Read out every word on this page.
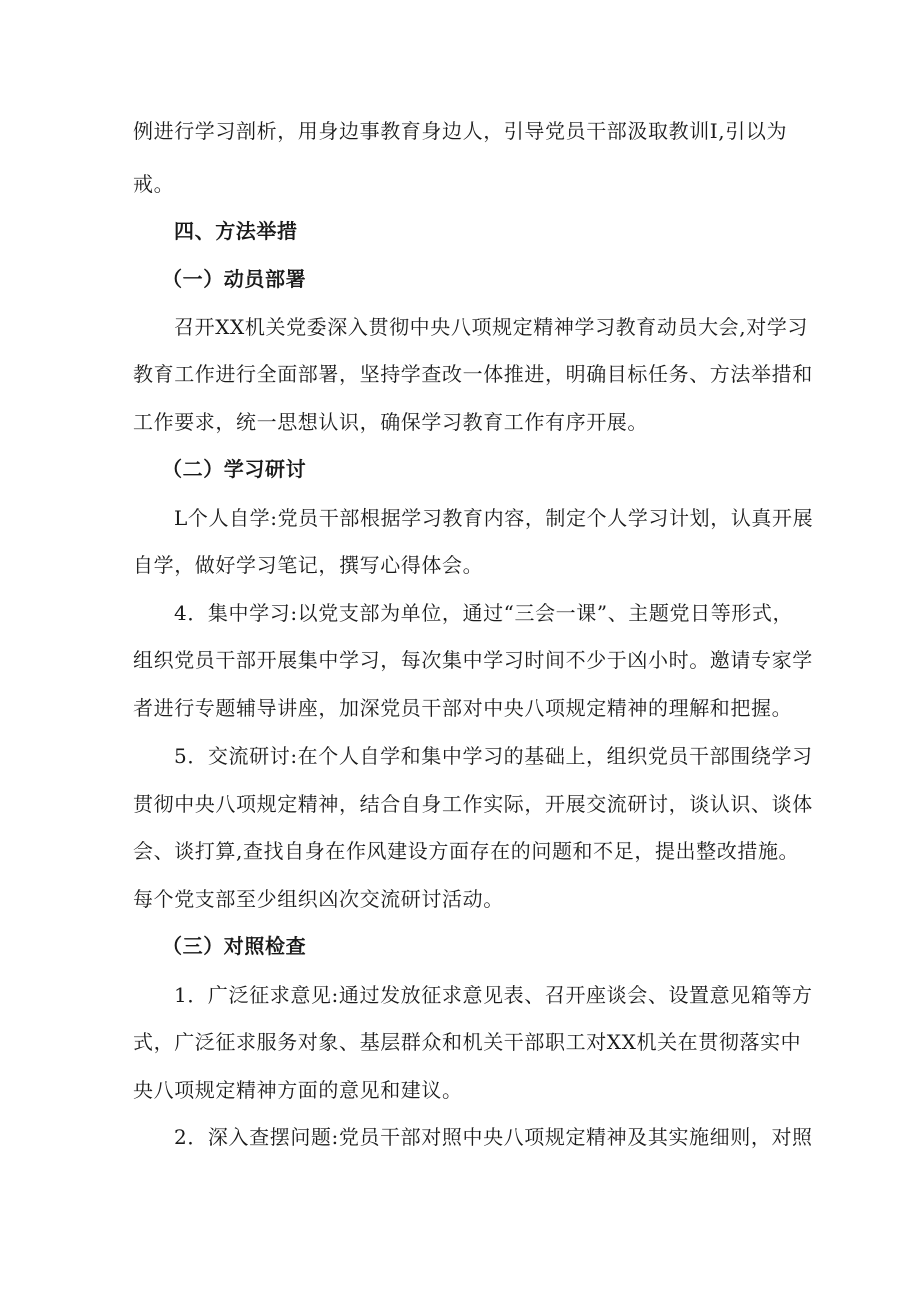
例进行学习剖析，用身边事教育身边人，引导党员干部汲取教训I,引以为
戒。
四、方法举措
（一）动员部署
召开XX机关党委深入贯彻中央八项规定精神学习教育动员大会,对学习
教育工作进行全面部署，坚持学查改一体推进，明确目标任务、方法举措和
工作要求，统一思想认识，确保学习教育工作有序开展。
（二）学习研讨
L个人自学:党员干部根据学习教育内容，制定个人学习计划，认真开展
自学，做好学习笔记，撰写心得体会。
4．集中学习:以党支部为单位，通过“三会一课”、主题党日等形式，
组织党员干部开展集中学习，每次集中学习时间不少于凶小时。邀请专家学
者进行专题辅导讲座，加深党员干部对中央八项规定精神的理解和把握。
5．交流研讨:在个人自学和集中学习的基础上，组织党员干部围绕学习
贯彻中央八项规定精神，结合自身工作实际，开展交流研讨，谈认识、谈体
会、谈打算,查找自身在作风建设方面存在的问题和不足，提出整改措施。
每个党支部至少组织凶次交流研讨活动。
（三）对照检查
1．广泛征求意见:通过发放征求意见表、召开座谈会、设置意见箱等方
式，广泛征求服务对象、基层群众和机关干部职工对XX机关在贯彻落实中
央八项规定精神方面的意见和建议。
2．深入查摆问题:党员干部对照中央八项规定精神及其实施细则，对照
